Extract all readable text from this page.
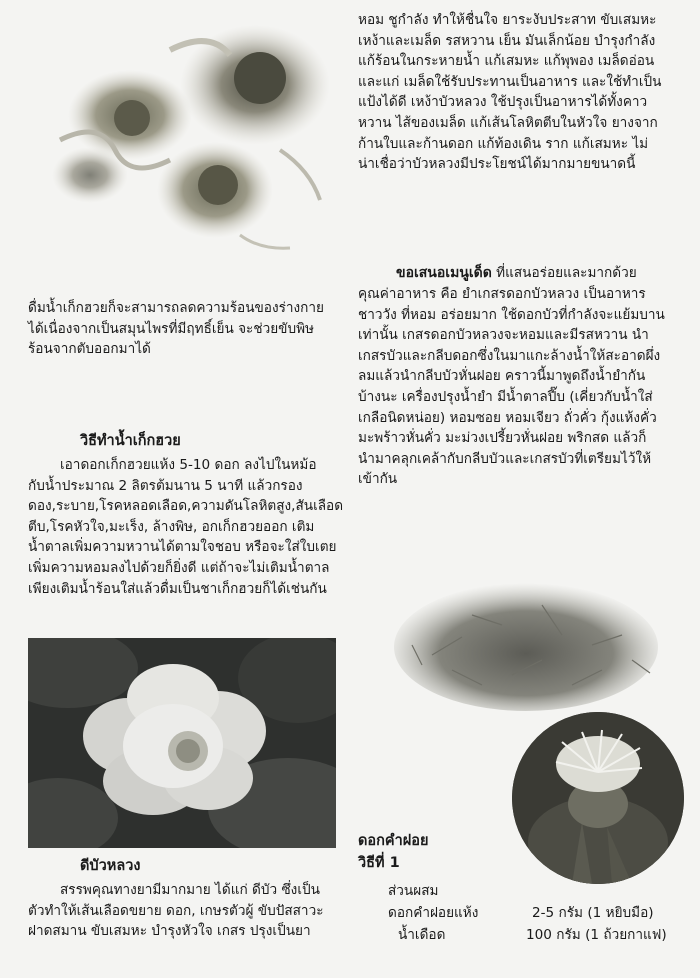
ดื่มน้ำเก็กฮวยก็จะสามารถลดความร้อนของร่างกาย
ได้เนื่องจากเป็นสมุนไพรที่มีฤทธิ์เย็น จะช่วยขับพิษ
ร้อนจากตับออกมาได้
วิธีทำน้ำเก็กฮวย
เอาดอกเก็กฮวยแห้ง 5-10 ดอก ลงไปในหม้อ
กับน้ำประมาณ 2 ลิตรต้มนาน 5 นาที แล้วกรอง
ดอง,ระบาย,โรคหลอดเลือด,ความดันโลหิตสูง,สันเลือด
ตีบ,โรคหัวใจ,มะเร็ง, ล้างพิษ, อกเก็กฮวยออก เติม
น้ำตาลเพิ่มความหวานได้ตามใจชอบ หรือจะใส่ใบเตย
เพิ่มความหอมลงไปด้วยก็ยิ่งดี แต่ถ้าจะไม่เติมน้ำตาล
เพียงเติมน้ำร้อนใส่แล้วดื่มเป็นชาเก็กฮวยก็ได้เช่นกัน
ดีบัวหลวง
สรรพคุณทางยามีมากมาย ได้แก่ ดีบัว ซึ่งเป็น
ตัวทำให้เส้นเลือดขยาย ดอก, เกษรตัวผู้ ขับปัสสาวะ
ฝาดสมาน ขับเสมหะ บำรุงหัวใจ เกสร ปรุงเป็นยา
หอม ชูกำลัง ทำให้ชื่นใจ ยาระงับประสาท ขับเสมหะ
เหง้าและเมล็ด รสหวาน เย็น มันเล็กน้อย บำรุงกำลัง
แก้ร้อนในกระหายน้ำ แก้เสมหะ แก้พุพอง เมล็ดอ่อน
และแก่ เมล็ดใช้รับประทานเป็นอาหาร และใช้ทำเป็น
แป้งได้ดี เหง้าบัวหลวง ใช้ปรุงเป็นอาหารได้ทั้งคาว
หวาน ไส้ของเมล็ด แก้เส้นโลหิตตีบในหัวใจ ยางจาก
ก้านใบและก้านดอก แก้ท้องเดิน ราก แก้เสมหะ ไม่
น่าเชื่อว่าบัวหลวงมีประโยชน์ได้มากมายขนาดนี้
ขอเสนอเมนูเด็ด ที่แสนอร่อยและมากด้วย
คุณค่าอาหาร คือ ยำเกสรดอกบัวหลวง เป็นอาหาร
ชาววัง ที่หอม อร่อยมาก ใช้ดอกบัวที่กำลังจะแย้มบาน
เท่านั้น เกสรดอกบัวหลวงจะหอมและมีรสหวาน นำ
เกสรบัวและกลีบดอกซึ่งในมาแกะล้างน้ำให้สะอาดผึ่ง
ลมแล้วนำกลีบบัวหั่นฝอย คราวนี้มาพูดถึงน้ำยำกัน
บ้างนะ เครื่องปรุงน้ำยำ มีน้ำตาลปี๊บ (เคี่ยวกับน้ำใส่
เกลือนิดหน่อย) หอมซอย หอมเจียว ถั่วคั่ว กุ้งแห้งคั่ว
มะพร้าวหั่นคั่ว มะม่วงเปรี้ยวหั่นฝอย พริกสด แล้วก็
นำมาคลุกเคล้ากับกลีบบัวและเกสรบัวที่เตรียมไว้ให้
เข้ากัน
ดอกคำฝอย
วิธีที่ 1
ส่วนผสม
ดอกคำฝอยแห้ง	2-5 กรัม (1 หยิบมือ)
น้ำเดือด	100 กรัม (1 ถ้วยกาแฟ)
